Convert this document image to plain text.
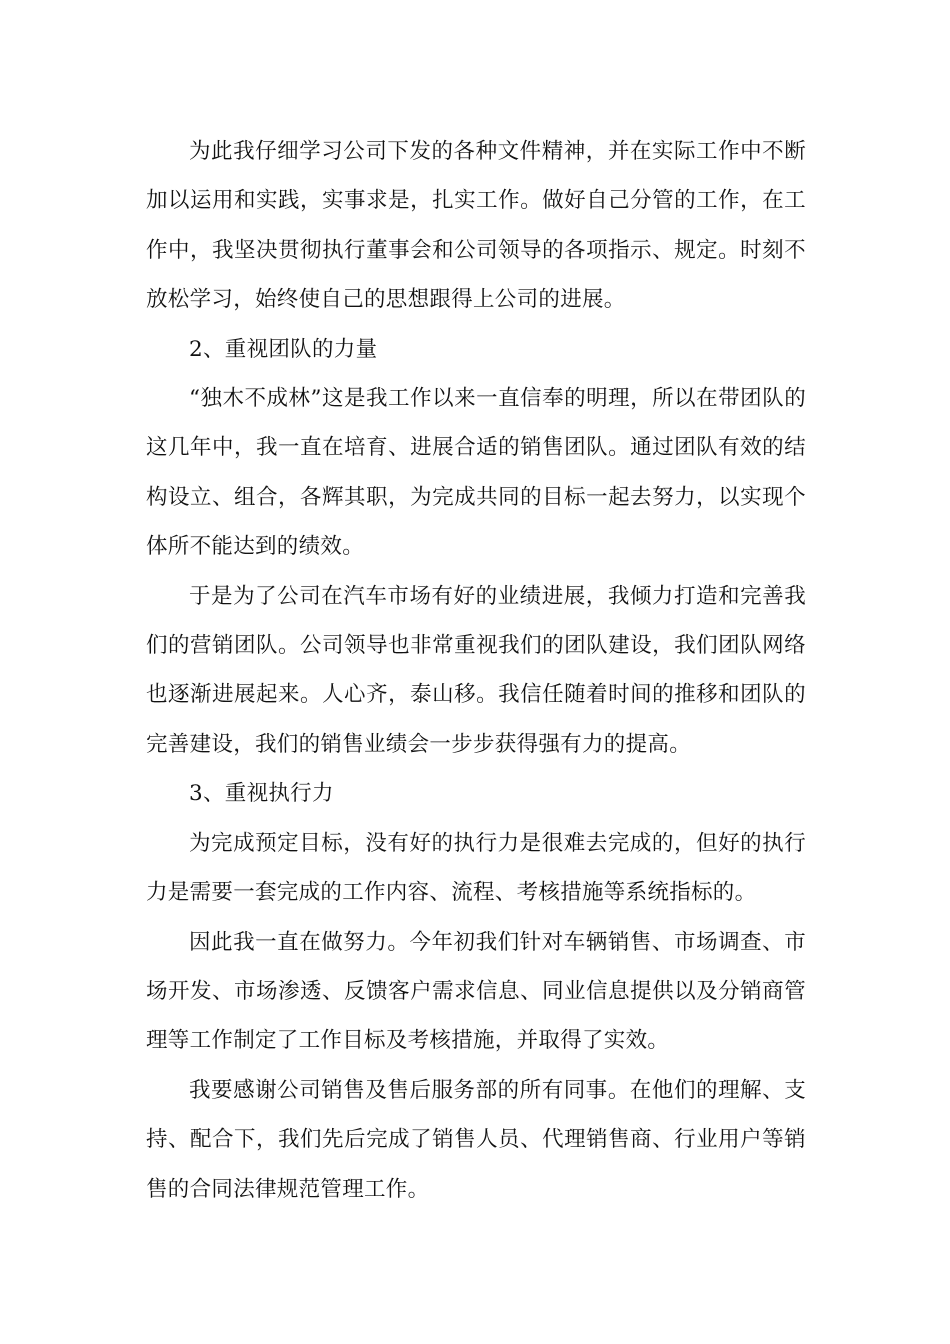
为此我仔细学习公司下发的各种文件精神，并在实际工作中不断加以运用和实践，实事求是，扎实工作。做好自己分管的工作，在工作中，我坚决贯彻执行董事会和公司领导的各项指示、规定。时刻不放松学习，始终使自己的思想跟得上公司的进展。

2、重视团队的力量

“独木不成林”这是我工作以来一直信奉的明理，所以在带团队的这几年中，我一直在培育、进展合适的销售团队。通过团队有效的结构设立、组合，各辉其职，为完成共同的目标一起去努力，以实现个体所不能达到的绩效。

于是为了公司在汽车市场有好的业绩进展，我倾力打造和完善我们的营销团队。公司领导也非常重视我们的团队建设，我们团队网络也逐渐进展起来。人心齐，泰山移。我信任随着时间的推移和团队的完善建设，我们的销售业绩会一步步获得强有力的提高。

3、重视执行力

为完成预定目标，没有好的执行力是很难去完成的，但好的执行力是需要一套完成的工作内容、流程、考核措施等系统指标的。

因此我一直在做努力。今年初我们针对车辆销售、市场调查、市场开发、市场渗透、反馈客户需求信息、同业信息提供以及分销商管理等工作制定了工作目标及考核措施，并取得了实效。

我要感谢公司销售及售后服务部的所有同事。在他们的理解、支持、配合下，我们先后完成了销售人员、代理销售商、行业用户等销售的合同法律规范管理工作。
